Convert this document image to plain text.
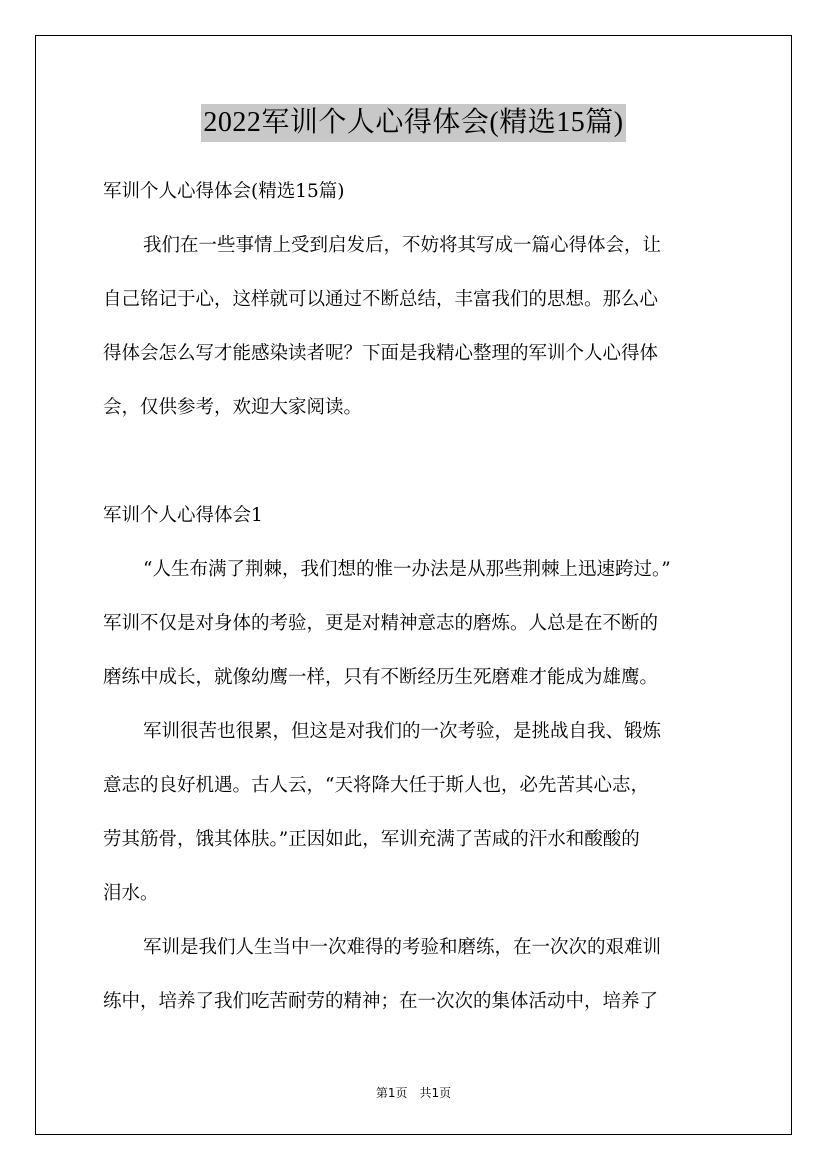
2022军训个人心得体会(精选15篇)
军训个人心得体会(精选15篇)
我们在一些事情上受到启发后，不妨将其写成一篇心得体会，让
自己铭记于心，这样就可以通过不断总结，丰富我们的思想。那么心
得体会怎么写才能感染读者呢？下面是我精心整理的军训个人心得体
会，仅供参考，欢迎大家阅读。
军训个人心得体会1
“人生布满了荆棘，我们想的惟一办法是从那些荆棘上迅速跨过。”
军训不仅是对身体的考验，更是对精神意志的磨炼。人总是在不断的
磨练中成长，就像幼鹰一样，只有不断经历生死磨难才能成为雄鹰。
军训很苦也很累，但这是对我们的一次考验，是挑战自我、锻炼
意志的良好机遇。古人云，“天将降大任于斯人也，必先苦其心志，
劳其筋骨，饿其体肤。”正因如此，军训充满了苦咸的汗水和酸酸的
泪水。
军训是我们人生当中一次难得的考验和磨练，在一次次的艰难训
练中，培养了我们吃苦耐劳的精神；在一次次的集体活动中，培养了
第1页　共1页
